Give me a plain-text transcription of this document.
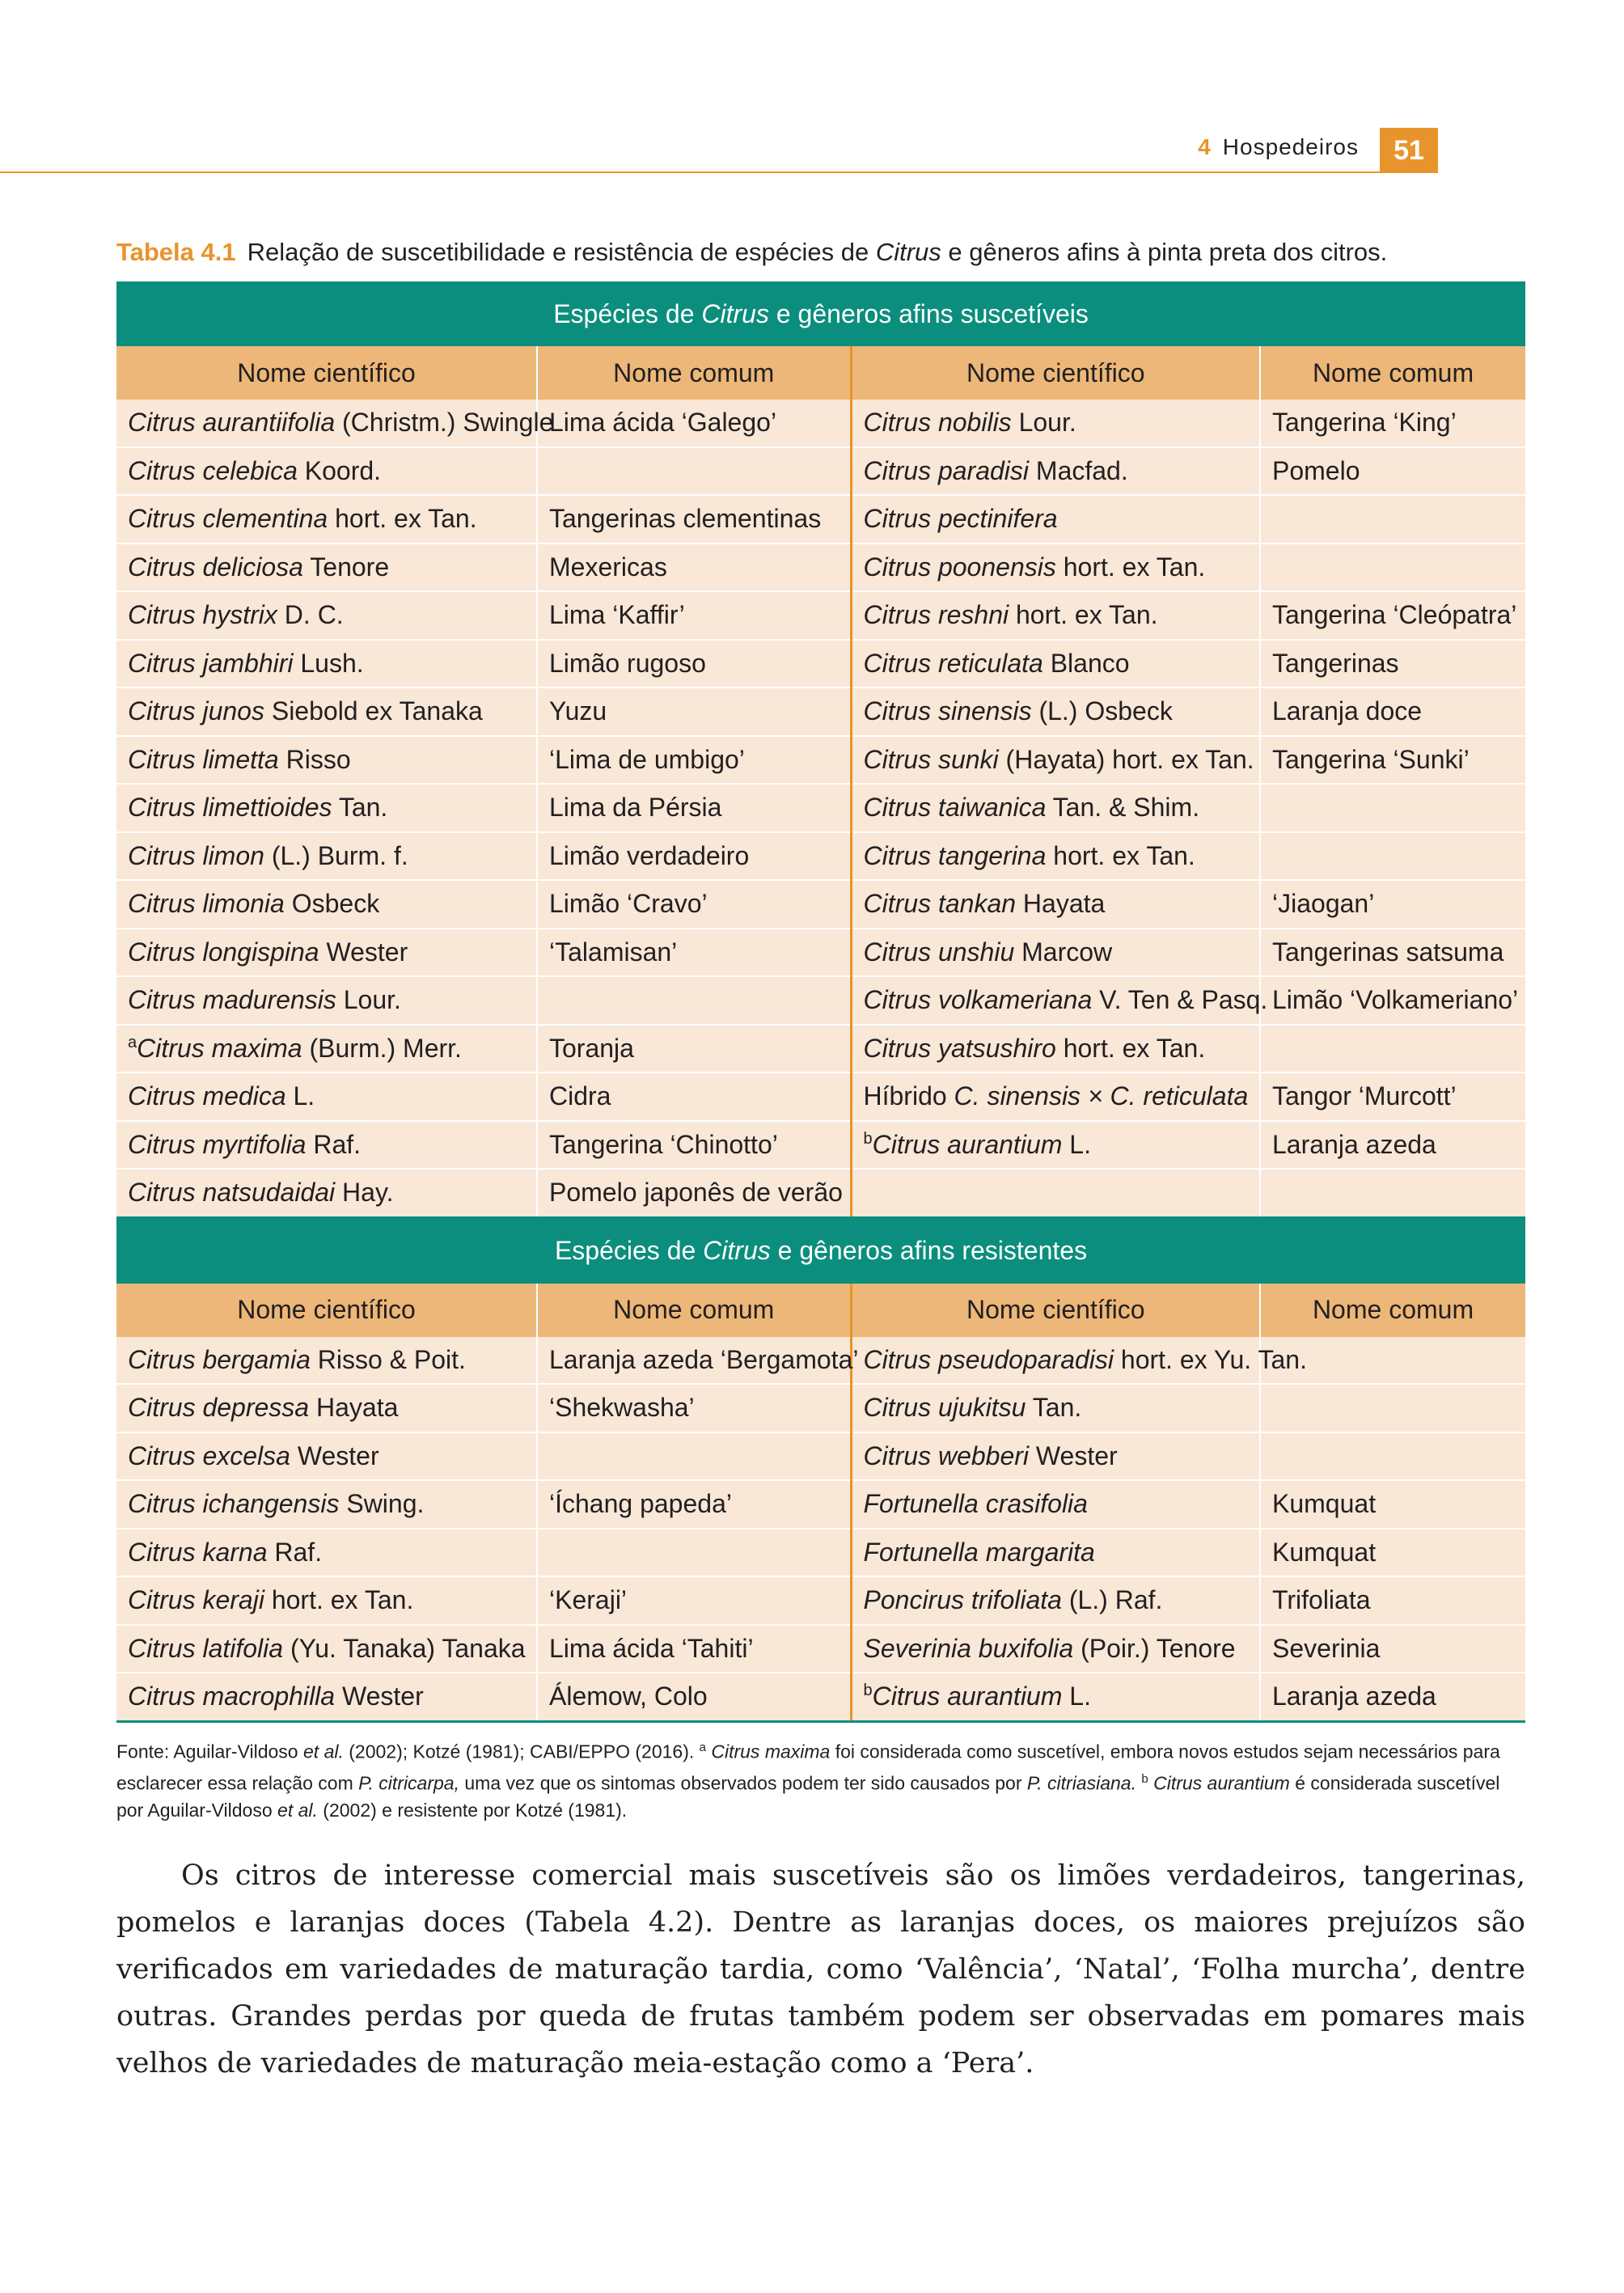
4 Hospedeiros	51
Tabela 4.1 Relação de suscetibilidade e resistência de espécies de Citrus e gêneros afins à pinta preta dos citros.
Espécies de Citrus e gêneros afins suscetíveis			
Nome científico	Nome comum	Nome científico	Nome comum
Citrus aurantiifolia (Christm.) Swingle	Lima ácida ‘Galego’	Citrus nobilis Lour.	Tangerina ‘King’
Citrus celebica Koord.		Citrus paradisi Macfad.	Pomelo
Citrus clementina hort. ex Tan.	Tangerinas clementinas	Citrus pectinifera	
Citrus deliciosa Tenore	Mexericas	Citrus poonensis hort. ex Tan.	
Citrus hystrix D. C.	Lima ‘Kaffir’	Citrus reshni hort. ex Tan.	Tangerina ‘Cleópatra’
Citrus jambhiri Lush.	Limão rugoso	Citrus reticulata Blanco	Tangerinas
Citrus junos Siebold ex Tanaka	Yuzu	Citrus sinensis (L.) Osbeck	Laranja doce
Citrus limetta Risso	‘Lima de umbigo’	Citrus sunki (Hayata) hort. ex Tan.	Tangerina ‘Sunki’
Citrus limettioides Tan.	Lima da Pérsia	Citrus taiwanica Tan. & Shim.	
Citrus limon (L.) Burm. f.	Limão verdadeiro	Citrus tangerina hort. ex Tan.	
Citrus limonia Osbeck	Limão ‘Cravo’	Citrus tankan Hayata	‘Jiaogan’
Citrus longispina Wester	‘Talamisan’	Citrus unshiu Marcow	Tangerinas satsuma
Citrus madurensis Lour.		Citrus volkameriana V. Ten & Pasq.	Limão ‘Volkameriano’
$^a$Citrus maxima (Burm.) Merr.	Toranja	Citrus yatsushiro hort. ex Tan.	
Citrus medica L.	Cidra	Híbrido C. sinensis × C. reticulata	Tangor ‘Murcott’
Citrus myrtifolia Raf.	Tangerina ‘Chinotto’	$^b$Citrus aurantium L.	Laranja azeda
Citrus natsudaidai Hay.	Pomelo japonês de verão		
Espécies de Citrus e gêneros afins resistentes			
Nome científico	Nome comum	Nome científico	Nome comum
Citrus bergamia Risso & Poit.	Laranja azeda ‘Bergamota’	Citrus pseudoparadisi hort. ex Yu. Tan.	
Citrus depressa Hayata	‘Shekwasha’	Citrus ujukitsu Tan.	
Citrus excelsa Wester		Citrus webberi Wester	
Citrus ichangensis Swing.	‘Íchang papeda’	Fortunella crasifolia	Kumquat
Citrus karna Raf.		Fortunella margarita	Kumquat
Citrus keraji hort. ex Tan.	‘Keraji’	Poncirus trifoliata (L.) Raf.	Trifoliata
Citrus latifolia (Yu. Tanaka) Tanaka	Lima ácida ‘Tahiti’	Severinia buxifolia (Poir.) Tenore	Severinia
Citrus macrophilla Wester	Álemow, Colo	$^b$Citrus aurantium L.	Laranja azeda
Fonte: Aguilar-Vildoso et al. (2002); Kotzé (1981); CABI/EPPO (2016). $^a$ Citrus maxima foi considerada como suscetível, embora novos estudos sejam necessários para esclarecer essa relação com P. citricarpa, uma vez que os sintomas observados podem ter sido causados por P. citriasiana. $^b$ Citrus aurantium é considerada suscetível por Aguilar-Vildoso et al. (2002) e resistente por Kotzé (1981).

Os citros de interesse comercial mais suscetíveis são os limões verdadeiros, tangerinas, pomelos e laranjas doces (Tabela 4.2). Dentre as laranjas doces, os maiores prejuízos são verificados em variedades de maturação tardia, como ‘Valência’, ‘Natal’, ‘Folha murcha’, dentre outras. Grandes perdas por queda de frutas também podem ser observadas em pomares mais velhos de variedades de maturação meia-estação como a ‘Pera’.
